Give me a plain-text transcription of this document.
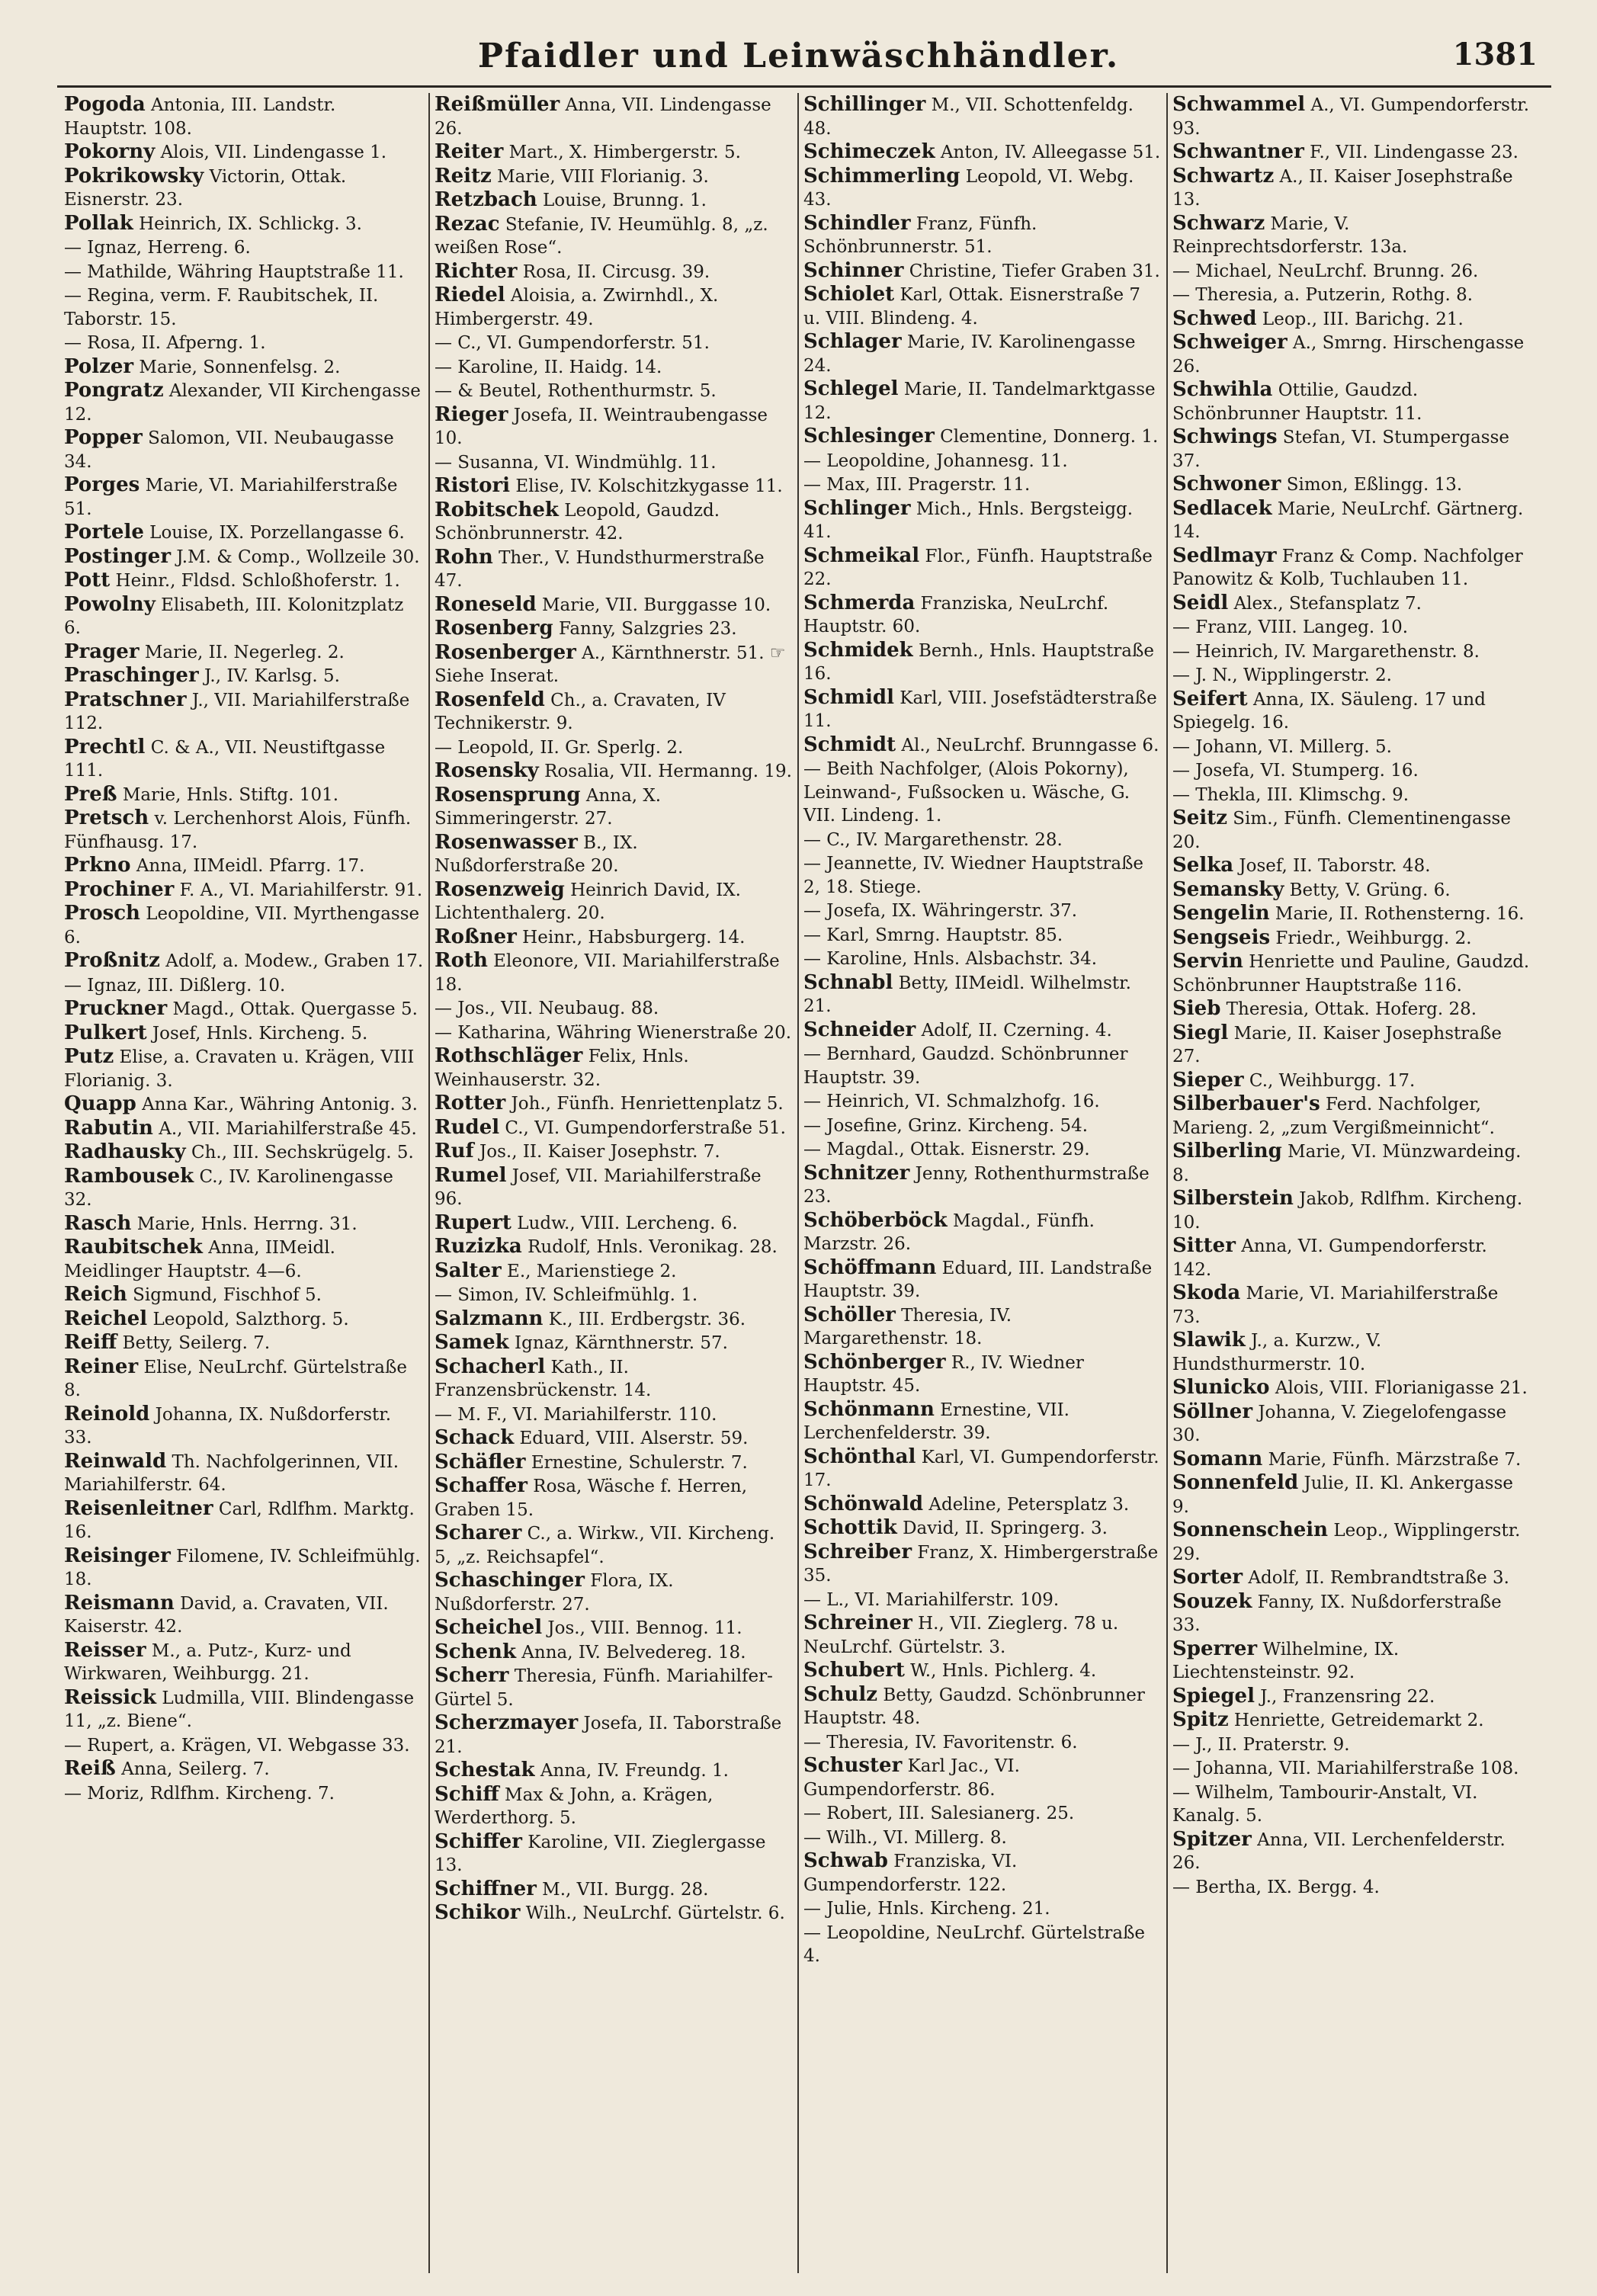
Pfaidler und Leinwäschhändler.	1381

Pogoda Antonia, III. Landstr. Hauptstr. 108.

Pokorny Alois, VII. Lindengasse 1.

Pokrikowsky Victorin, Ottak. Eisnerstr. 23.

Pollak Heinrich, IX. Schlickg. 3.

— Ignaz, Herreng. 6.

— Mathilde, Währing Hauptstraße 11.

— Regina, verm. F. Raubitschek, II. Taborstr. 15.

— Rosa, II. Afperng. 1.

Polzer Marie, Sonnenfelsg. 2.

Pongratz Alexander, VII Kirchengasse 12.

Popper Salomon, VII. Neubaugasse 34.

Porges Marie, VI. Mariahilferstraße 51.

Portele Louise, IX. Porzellangasse 6.

Postinger J.M. & Comp., Wollzeile 30.

Pott Heinr., Fldsd. Schloßhoferstr. 1.

Powolny Elisabeth, III. Kolonitzplatz 6.

Prager Marie, II. Negerleg. 2.

Praschinger J., IV. Karlsg. 5.

Pratschner J., VII. Mariahilferstraße 112.

Prechtl C. & A., VII. Neustiftgasse 111.

Preß Marie, Hnls. Stiftg. 101.

Pretsch v. Lerchenhorst Alois, Fünfh. Fünfhausg. 17.

Prkno Anna, IIMeidl. Pfarrg. 17.

Prochiner F. A., VI. Mariahilferstr. 91.

Prosch Leopoldine, VII. Myrthengasse 6.

Proßnitz Adolf, a. Modew., Graben 17.

— Ignaz, III. Dißlerg. 10.

Pruckner Magd., Ottak. Quergasse 5.

Pulkert Josef, Hnls. Kircheng. 5.

Putz Elise, a. Cravaten u. Krägen, VIII Florianig. 3.

Quapp Anna Kar., Währing Antonig. 3.

Rabutin A., VII. Mariahilferstraße 45.

Radhausky Ch., III. Sechskrügelg. 5.

Rambousek C., IV. Karolinengasse 32.

Rasch Marie, Hnls. Herrng. 31.

Raubitschek Anna, IIMeidl. Meidlinger Hauptstr. 4—6.

Reich Sigmund, Fischhof 5.

Reichel Leopold, Salzthorg. 5.

Reiff Betty, Seilerg. 7.

Reiner Elise, NeuLrchf. Gürtelstraße 8.

Reinold Johanna, IX. Nußdorferstr. 33.

Reinwald Th. Nachfolgerinnen, VII. Mariahilferstr. 64.

Reisenleitner Carl, Rdlfhm. Marktg. 16.

Reisinger Filomene, IV. Schleifmühlg. 18.

Reismann David, a. Cravaten, VII. Kaiserstr. 42.

Reisser M., a. Putz-, Kurz- und Wirkwaren, Weihburgg. 21.

Reissick Ludmilla, VIII. Blindengasse 11, „z. Biene“.

— Rupert, a. Krägen, VI. Webgasse 33.

Reiß Anna, Seilerg. 7.

— Moriz, Rdlfhm. Kircheng. 7.

Reißmüller Anna, VII. Lindengasse 26.

Reiter Mart., X. Himbergerstr. 5.

Reitz Marie, VIII Florianig. 3.

Retzbach Louise, Brunng. 1.

Rezac Stefanie, IV. Heumühlg. 8, „z. weißen Rose“.

Richter Rosa, II. Circusg. 39.

Riedel Aloisia, a. Zwirnhdl., X. Himbergerstr. 49.

— C., VI. Gumpendorferstr. 51.

— Karoline, II. Haidg. 14.

— & Beutel, Rothenthurmstr. 5.

Rieger Josefa, II. Weintraubengasse 10.

— Susanna, VI. Windmühlg. 11.

Ristori Elise, IV. Kolschitzkygasse 11.

Robitschek Leopold, Gaudzd. Schönbrunnerstr. 42.

Rohn Ther., V. Hundsthurmerstraße 47.

Roneseld Marie, VII. Burggasse 10.

Rosenberg Fanny, Salzgries 23.

Rosenberger A., Kärnthnerstr. 51. ☞ Siehe Inserat.

Rosenfeld Ch., a. Cravaten, IV Technikerstr. 9.

— Leopold, II. Gr. Sperlg. 2.

Rosensky Rosalia, VII. Hermanng. 19.

Rosensprung Anna, X. Simmeringerstr. 27.

Rosenwasser B., IX. Nußdorferstraße 20.

Rosenzweig Heinrich David, IX. Lichtenthalerg. 20.

Roßner Heinr., Habsburgerg. 14.

Roth Eleonore, VII. Mariahilferstraße 18.

— Jos., VII. Neubaug. 88.

— Katharina, Währing Wienerstraße 20.

Rothschläger Felix, Hnls. Weinhauserstr. 32.

Rotter Joh., Fünfh. Henriettenplatz 5.

Rudel C., VI. Gumpendorferstraße 51.

Ruf Jos., II. Kaiser Josephstr. 7.

Rumel Josef, VII. Mariahilferstraße 96.

Rupert Ludw., VIII. Lercheng. 6.

Ruzizka Rudolf, Hnls. Veronikag. 28.

Salter E., Marienstiege 2.

— Simon, IV. Schleifmühlg. 1.

Salzmann K., III. Erdbergstr. 36.

Samek Ignaz, Kärnthnerstr. 57.

Schacherl Kath., II. Franzensbrückenstr. 14.

— M. F., VI. Mariahilferstr. 110.

Schack Eduard, VIII. Alserstr. 59.

Schäfler Ernestine, Schulerstr. 7.

Schaffer Rosa, Wäsche f. Herren, Graben 15.

Scharer C., a. Wirkw., VII. Kircheng. 5, „z. Reichsapfel“.

Schaschinger Flora, IX. Nußdorferstr. 27.

Scheichel Jos., VIII. Bennog. 11.

Schenk Anna, IV. Belvedereg. 18.

Scherr Theresia, Fünfh. Mariahilfer-Gürtel 5.

Scherzmayer Josefa, II. Taborstraße 21.

Schestak Anna, IV. Freundg. 1.

Schiff Max & John, a. Krägen, Werderthorg. 5.

Schiffer Karoline, VII. Zieglergasse 13.

Schiffner M., VII. Burgg. 28.

Schikor Wilh., NeuLrchf. Gürtelstr. 6.

Schillinger M., VII. Schottenfeldg. 48.

Schimeczek Anton, IV. Alleegasse 51.

Schimmerling Leopold, VI. Webg. 43.

Schindler Franz, Fünfh. Schönbrunnerstr. 51.

Schinner Christine, Tiefer Graben 31.

Schiolet Karl, Ottak. Eisnerstraße 7 u. VIII. Blindeng. 4.

Schlager Marie, IV. Karolinengasse 24.

Schlegel Marie, II. Tandelmarktgasse 12.

Schlesinger Clementine, Donnerg. 1.

— Leopoldine, Johannesg. 11.

— Max, III. Pragerstr. 11.

Schlinger Mich., Hnls. Bergsteigg. 41.

Schmeikal Flor., Fünfh. Hauptstraße 22.

Schmerda Franziska, NeuLrchf. Hauptstr. 60.

Schmidek Bernh., Hnls. Hauptstraße 16.

Schmidl Karl, VIII. Josefstädterstraße 11.

Schmidt Al., NeuLrchf. Brunngasse 6.

— Beith Nachfolger, (Alois Pokorny), Leinwand-, Fußsocken u. Wäsche, G. VII. Lindeng. 1.

— C., IV. Margarethenstr. 28.

— Jeannette, IV. Wiedner Hauptstraße 2, 18. Stiege.

— Josefa, IX. Währingerstr. 37.

— Karl, Smrng. Hauptstr. 85.

— Karoline, Hnls. Alsbachstr. 34.

Schnabl Betty, IIMeidl. Wilhelmstr. 21.

Schneider Adolf, II. Czerning. 4.

— Bernhard, Gaudzd. Schönbrunner Hauptstr. 39.

— Heinrich, VI. Schmalzhofg. 16.

— Josefine, Grinz. Kircheng. 54.

— Magdal., Ottak. Eisnerstr. 29.

Schnitzer Jenny, Rothenthurmstraße 23.

Schöberböck Magdal., Fünfh. Marzstr. 26.

Schöffmann Eduard, III. Landstraße Hauptstr. 39.

Schöller Theresia, IV. Margarethenstr. 18.

Schönberger R., IV. Wiedner Hauptstr. 45.

Schönmann Ernestine, VII. Lerchenfelderstr. 39.

Schönthal Karl, VI. Gumpendorferstr. 17.

Schönwald Adeline, Petersplatz 3.

Schottik David, II. Springerg. 3.

Schreiber Franz, X. Himbergerstraße 35.

— L., VI. Mariahilferstr. 109.

Schreiner H., VII. Zieglerg. 78 u. NeuLrchf. Gürtelstr. 3.

Schubert W., Hnls. Pichlerg. 4.

Schulz Betty, Gaudzd. Schönbrunner Hauptstr. 48.

— Theresia, IV. Favoritenstr. 6.

Schuster Karl Jac., VI. Gumpendorferstr. 86.

— Robert, III. Salesianerg. 25.

— Wilh., VI. Millerg. 8.

Schwab Franziska, VI. Gumpendorferstr. 122.

— Julie, Hnls. Kircheng. 21.

— Leopoldine, NeuLrchf. Gürtelstraße 4.

Schwammel A., VI. Gumpendorferstr. 93.

Schwantner F., VII. Lindengasse 23.

Schwartz A., II. Kaiser Josephstraße 13.

Schwarz Marie, V. Reinprechtsdorferstr. 13a.

— Michael, NeuLrchf. Brunng. 26.

— Theresia, a. Putzerin, Rothg. 8.

Schwed Leop., III. Barichg. 21.

Schweiger A., Smrng. Hirschengasse 26.

Schwihla Ottilie, Gaudzd. Schönbrunner Hauptstr. 11.

Schwings Stefan, VI. Stumpergasse 37.

Schwoner Simon, Eßlingg. 13.

Sedlacek Marie, NeuLrchf. Gärtnerg. 14.

Sedlmayr Franz & Comp. Nachfolger Panowitz & Kolb, Tuchlauben 11.

Seidl Alex., Stefansplatz 7.

— Franz, VIII. Langeg. 10.

— Heinrich, IV. Margarethenstr. 8.

— J. N., Wipplingerstr. 2.

Seifert Anna, IX. Säuleng. 17 und Spiegelg. 16.

— Johann, VI. Millerg. 5.

— Josefa, VI. Stumperg. 16.

— Thekla, III. Klimschg. 9.

Seitz Sim., Fünfh. Clementinengasse 20.

Selka Josef, II. Taborstr. 48.

Semansky Betty, V. Grüng. 6.

Sengelin Marie, II. Rothensterng. 16.

Sengseis Friedr., Weihburgg. 2.

Servin Henriette und Pauline, Gaudzd. Schönbrunner Hauptstraße 116.

Sieb Theresia, Ottak. Hoferg. 28.

Siegl Marie, II. Kaiser Josephstraße 27.

Sieper C., Weihburgg. 17.

Silberbauer's Ferd. Nachfolger, Marieng. 2, „zum Vergißmeinnicht“.

Silberling Marie, VI. Münzwardeing. 8.

Silberstein Jakob, Rdlfhm. Kircheng. 10.

Sitter Anna, VI. Gumpendorferstr. 142.

Skoda Marie, VI. Mariahilferstraße 73.

Slawik J., a. Kurzw., V. Hundsthurmerstr. 10.

Slunicko Alois, VIII. Florianigasse 21.

Söllner Johanna, V. Ziegelofengasse 30.

Somann Marie, Fünfh. Märzstraße 7.

Sonnenfeld Julie, II. Kl. Ankergasse 9.

Sonnenschein Leop., Wipplingerstr. 29.

Sorter Adolf, II. Rembrandtstraße 3.

Souzek Fanny, IX. Nußdorferstraße 33.

Sperrer Wilhelmine, IX. Liechtensteinstr. 92.

Spiegel J., Franzensring 22.

Spitz Henriette, Getreidemarkt 2.

— J., II. Praterstr. 9.

— Johanna, VII. Mariahilferstraße 108.

— Wilhelm, Tambourir-Anstalt, VI. Kanalg. 5.

Spitzer Anna, VII. Lerchenfelderstr. 26.

— Bertha, IX. Bergg. 4.
